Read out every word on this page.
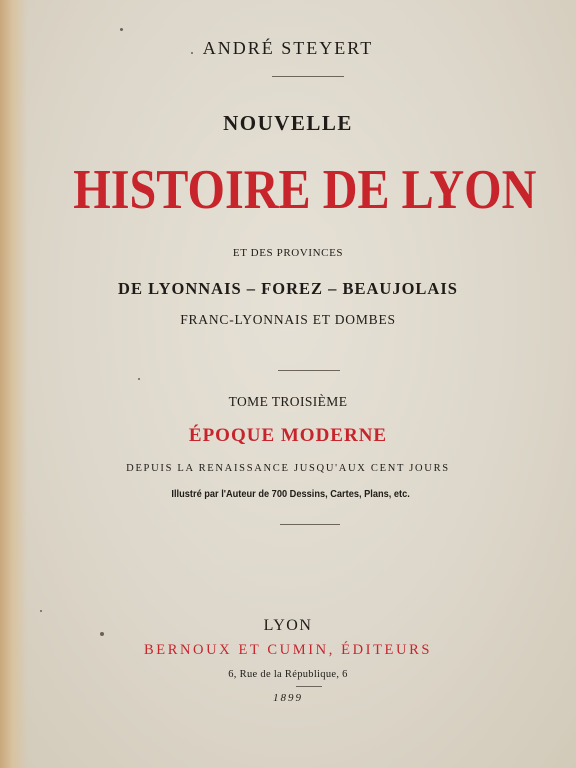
ANDRÉ STEYERT
NOUVELLE
HISTOIRE DE LYON
ET DES PROVINCES
DE LYONNAIS – FOREZ – BEAUJOLAIS
FRANC-LYONNAIS ET DOMBES
TOME TROISIÈME
ÉPOQUE MODERNE
DEPUIS LA RENAISSANCE JUSQU'AUX CENT JOURS
Illustré par l'Auteur de 700 Dessins, Cartes, Plans, etc.
LYON
BERNOUX ET CUMIN, ÉDITEURS
6, Rue de la République, 6
1899
